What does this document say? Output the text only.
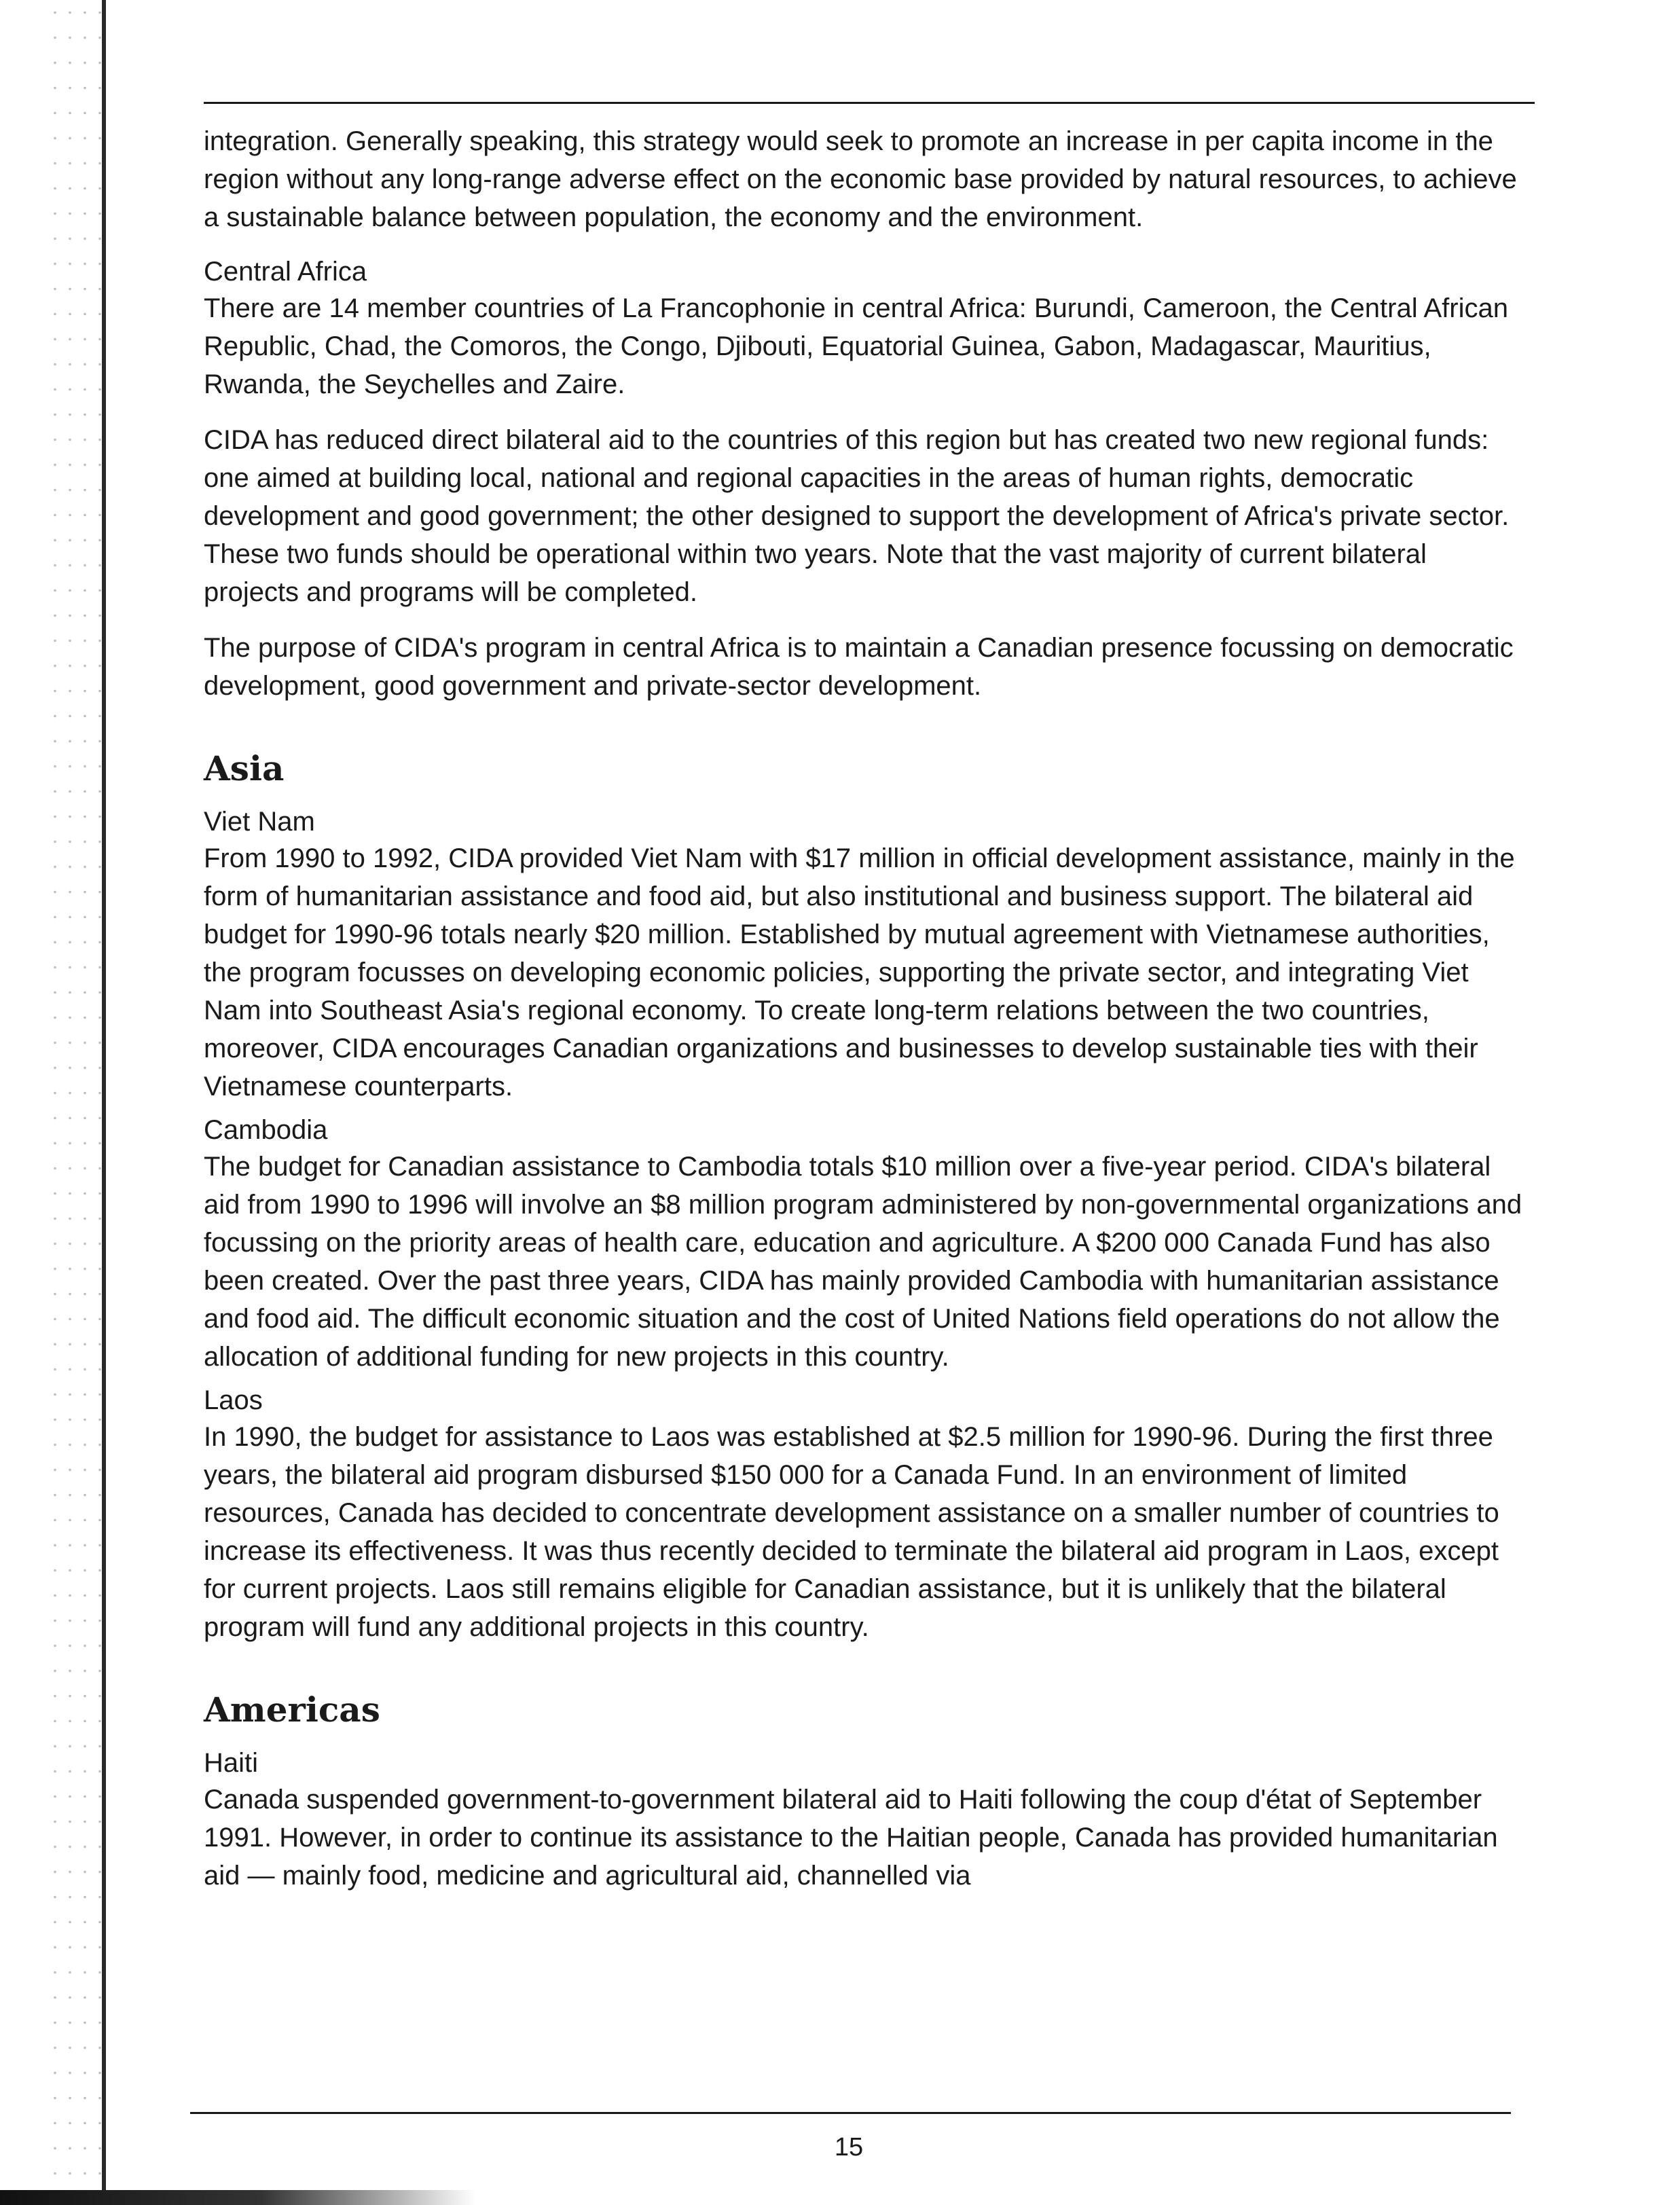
integration. Generally speaking, this strategy would seek to promote an increase in per capita income in the region without any long-range adverse effect on the economic base provided by natural resources, to achieve a sustainable balance between population, the economy and the environment.

Central Africa

There are 14 member countries of La Francophonie in central Africa: Burundi, Cameroon, the Central African Republic, Chad, the Comoros, the Congo, Djibouti, Equatorial Guinea, Gabon, Madagascar, Mauritius, Rwanda, the Seychelles and Zaire.

CIDA has reduced direct bilateral aid to the countries of this region but has created two new regional funds: one aimed at building local, national and regional capacities in the areas of human rights, democratic development and good government; the other designed to support the development of Africa's private sector. These two funds should be operational within two years. Note that the vast majority of current bilateral projects and programs will be completed.

The purpose of CIDA's program in central Africa is to maintain a Canadian presence focussing on democratic development, good government and private-sector development.

Asia

Viet Nam

From 1990 to 1992, CIDA provided Viet Nam with $17 million in official development assistance, mainly in the form of humanitarian assistance and food aid, but also institutional and business support. The bilateral aid budget for 1990-96 totals nearly $20 million. Established by mutual agreement with Vietnamese authorities, the program focusses on developing economic policies, supporting the private sector, and integrating Viet Nam into Southeast Asia's regional economy. To create long-term relations between the two countries, moreover, CIDA encourages Canadian organizations and businesses to develop sustainable ties with their Vietnamese counterparts.

Cambodia

The budget for Canadian assistance to Cambodia totals $10 million over a five-year period. CIDA's bilateral aid from 1990 to 1996 will involve an $8 million program administered by non-governmental organizations and focussing on the priority areas of health care, education and agriculture. A $200 000 Canada Fund has also been created. Over the past three years, CIDA has mainly provided Cambodia with humanitarian assistance and food aid. The difficult economic situation and the cost of United Nations field operations do not allow the allocation of additional funding for new projects in this country.

Laos

In 1990, the budget for assistance to Laos was established at $2.5 million for 1990-96. During the first three years, the bilateral aid program disbursed $150 000 for a Canada Fund. In an environment of limited resources, Canada has decided to concentrate development assistance on a smaller number of countries to increase its effectiveness. It was thus recently decided to terminate the bilateral aid program in Laos, except for current projects. Laos still remains eligible for Canadian assistance, but it is unlikely that the bilateral program will fund any additional projects in this country.

Americas

Haiti

Canada suspended government-to-government bilateral aid to Haiti following the coup d'état of September 1991. However, in order to continue its assistance to the Haitian people, Canada has provided humanitarian aid — mainly food, medicine and agricultural aid, channelled via

15
